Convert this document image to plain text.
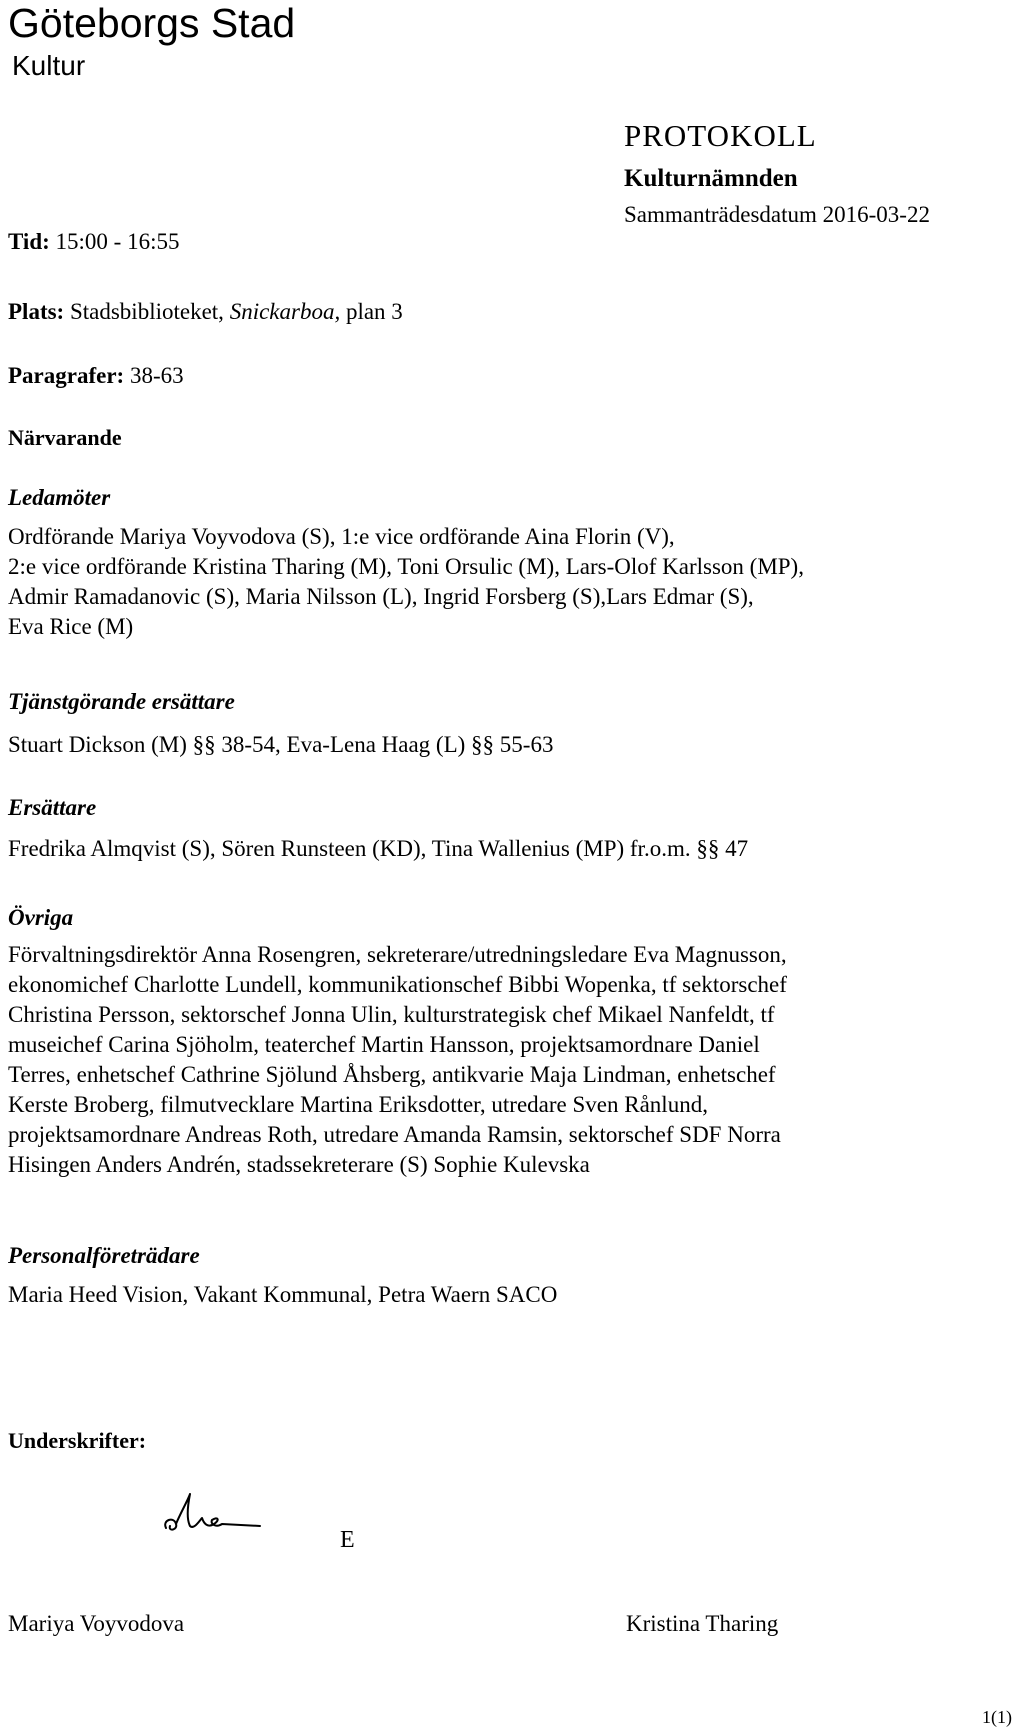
Göteborgs Stad
Kultur
PROTOKOLL
Kulturnämnden
Sammanträdesdatum 2016-03-22
Tid: 15:00 - 16:55
Plats: Stadsbiblioteket, Snickarboa, plan 3
Paragrafer: 38-63
Närvarande
Ledamöter

Ordförande Mariya Voyvodova (S), 1:e vice ordförande Aina Florin (V),
2:e vice ordförande Kristina Tharing (M), Toni Orsulic (M), Lars-Olof Karlsson (MP),
Admir Ramadanovic (S), Maria Nilsson (L), Ingrid Forsberg (S),Lars Edmar (S),
Eva Rice (M)

Tjänstgörande ersättare

Stuart Dickson (M) §§ 38-54, Eva-Lena Haag (L) §§ 55-63

Ersättare

Fredrika Almqvist (S), Sören Runsteen (KD), Tina Wallenius (MP) fr.o.m. §§ 47

Övriga

Förvaltningsdirektör Anna Rosengren, sekreterare/utredningsledare Eva Magnusson,
ekonomichef Charlotte Lundell, kommunikationschef Bibbi Wopenka, tf sektorschef
Christina Persson, sektorschef Jonna Ulin, kulturstrategisk chef Mikael Nanfeldt, tf
museichef Carina Sjöholm, teaterchef Martin Hansson, projektsamordnare Daniel
Terres, enhetschef Cathrine Sjölund Åhsberg, antikvarie Maja Lindman, enhetschef
Kerste Broberg, filmutvecklare Martina Eriksdotter, utredare Sven Rånlund,
projektsamordnare Andreas Roth, utredare Amanda Ramsin, sektorschef SDF Norra
Hisingen Anders Andrén, stadssekreterare (S) Sophie Kulevska

Personalföreträdare

Maria Heed Vision, Vakant Kommunal, Petra Waern SACO

Underskrifter:
E
Mariya Voyvodova	Kristina Tharing
1(1)
